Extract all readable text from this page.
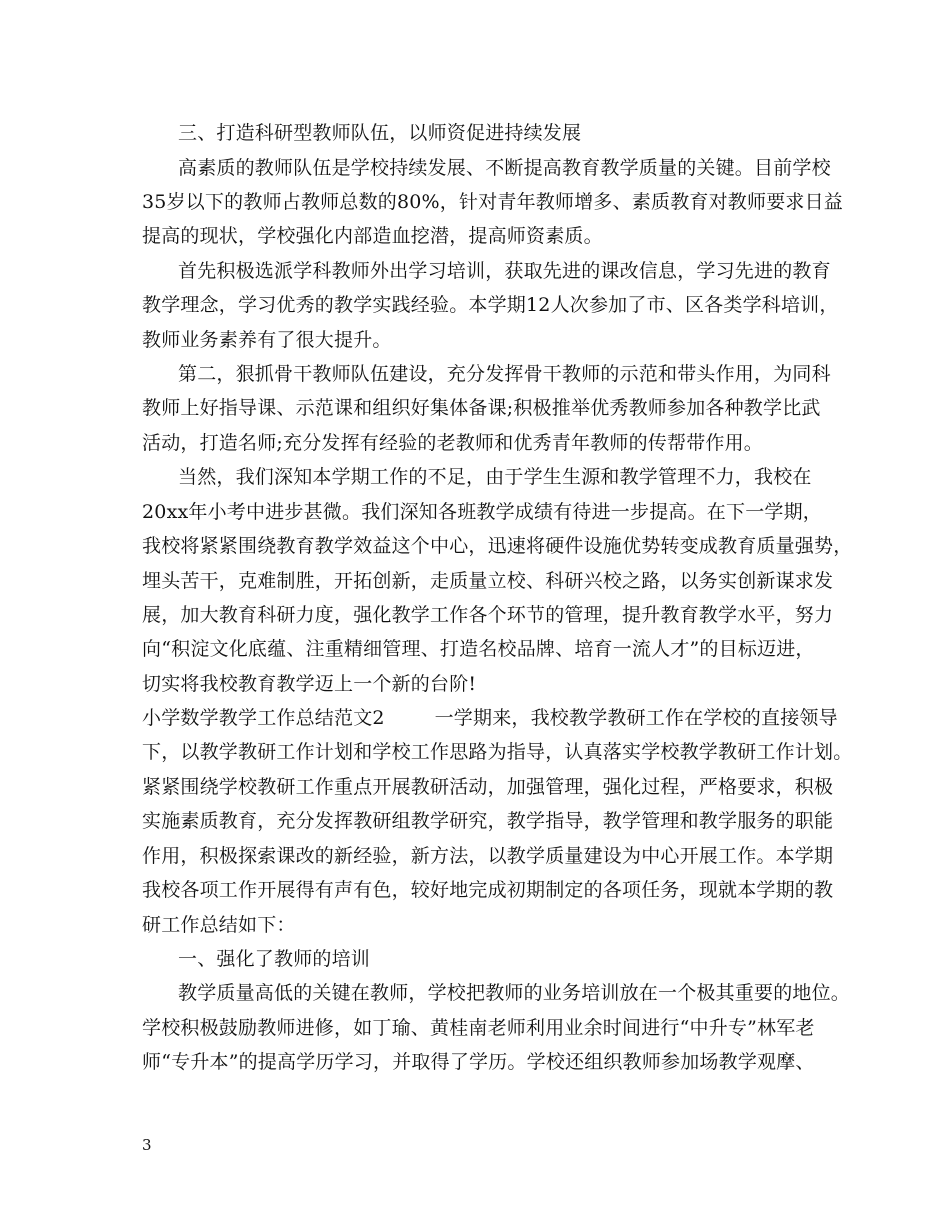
三、打造科研型教师队伍，以师资促进持续发展
高素质的教师队伍是学校持续发展、不断提高教育教学质量的关键。目前学校
35岁以下的教师占教师总数的80%，针对青年教师增多、素质教育对教师要求日益
提高的现状，学校强化内部造血挖潜，提高师资素质。
首先积极选派学科教师外出学习培训，获取先进的课改信息，学习先进的教育
教学理念，学习优秀的教学实践经验。本学期12人次参加了市、区各类学科培训，
教师业务素养有了很大提升。
第二，狠抓骨干教师队伍建设，充分发挥骨干教师的示范和带头作用，为同科
教师上好指导课、示范课和组织好集体备课;积极推举优秀教师参加各种教学比武
活动，打造名师;充分发挥有经验的老教师和优秀青年教师的传帮带作用。
当然，我们深知本学期工作的不足，由于学生生源和教学管理不力，我校在
20xx年小考中进步甚微。我们深知各班教学成绩有待进一步提高。在下一学期，
我校将紧紧围绕教育教学效益这个中心，迅速将硬件设施优势转变成教育质量强势，
埋头苦干，克难制胜，开拓创新，走质量立校、科研兴校之路，以务实创新谋求发
展，加大教育科研力度，强化教学工作各个环节的管理，提升教育教学水平，努力
向“积淀文化底蕴、注重精细管理、打造名校品牌、培育一流人才”的目标迈进，
切实将我校教育教学迈上一个新的台阶!
小学数学教学工作总结范文2        一学期来，我校教学教研工作在学校的直接领导
下，以教学教研工作计划和学校工作思路为指导，认真落实学校教学教研工作计划。
紧紧围绕学校教研工作重点开展教研活动，加强管理，强化过程，严格要求，积极
实施素质教育，充分发挥教研组教学研究，教学指导，教学管理和教学服务的职能
作用，积极探索课改的新经验，新方法，以教学质量建设为中心开展工作。本学期
我校各项工作开展得有声有色，较好地完成初期制定的各项任务，现就本学期的教
研工作总结如下：
一、强化了教师的培训
教学质量高低的关键在教师，学校把教师的业务培训放在一个极其重要的地位。
学校积极鼓励教师进修，如丁瑜、黄桂南老师利用业余时间进行“中升专”林军老
师“专升本”的提高学历学习，并取得了学历。学校还组织教师参加场教学观摩、
3
